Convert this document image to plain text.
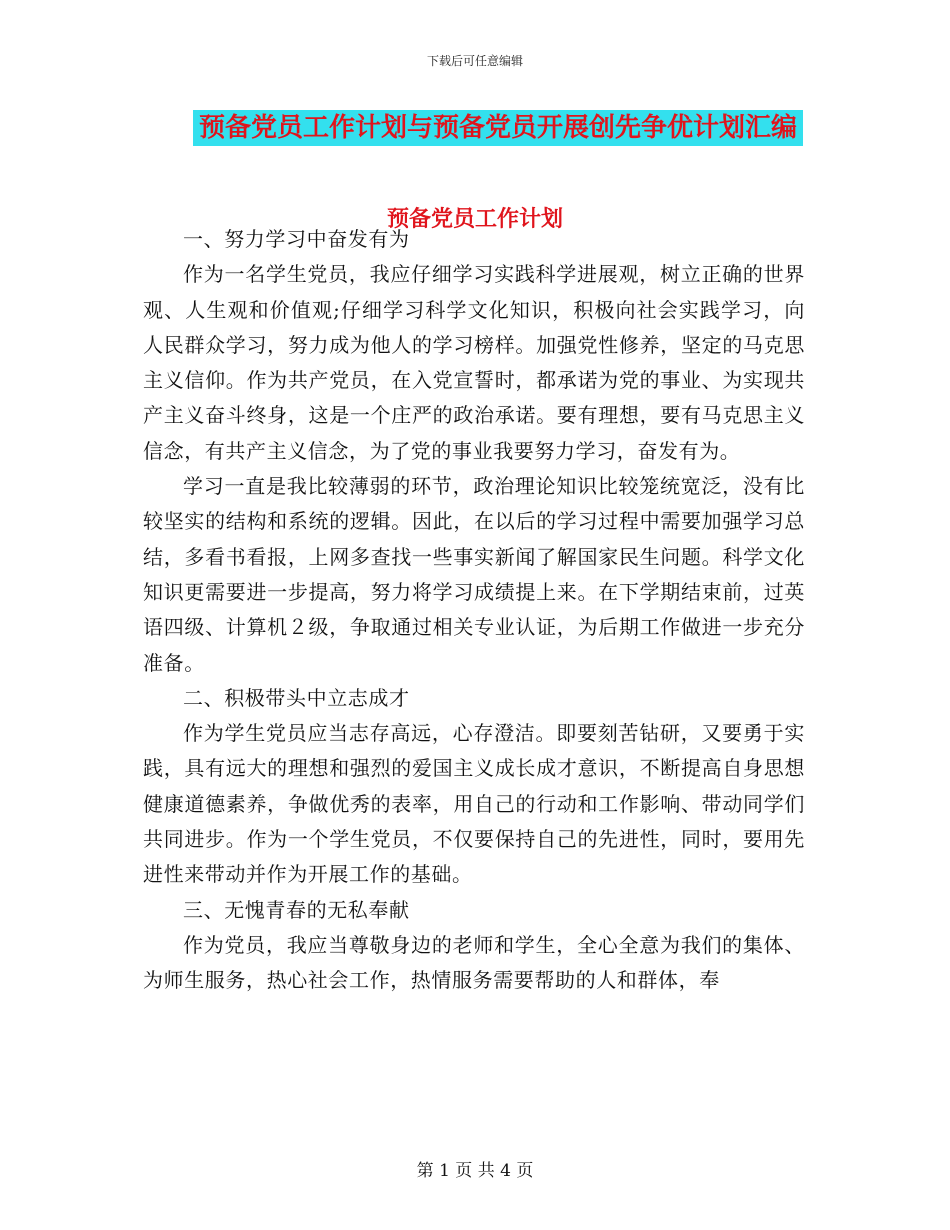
下载后可任意编辑
预备党员工作计划与预备党员开展创先争优计划汇编
预备党员工作计划

一、努力学习中奋发有为

作为一名学生党员，我应仔细学习实践科学进展观，树立正确的世界观、人生观和价值观;仔细学习科学文化知识，积极向社会实践学习，向人民群众学习，努力成为他人的学习榜样。加强党性修养，坚定的马克思主义信仰。作为共产党员，在入党宣誓时，都承诺为党的事业、为实现共产主义奋斗终身，这是一个庄严的政治承诺。要有理想，要有马克思主义信念，有共产主义信念，为了党的事业我要努力学习，奋发有为。

学习一直是我比较薄弱的环节，政治理论知识比较笼统宽泛，没有比较坚实的结构和系统的逻辑。因此，在以后的学习过程中需要加强学习总结，多看书看报，上网多查找一些事实新闻了解国家民生问题。科学文化知识更需要进一步提高，努力将学习成绩提上来。在下学期结束前，过英语四级、计算机２级，争取通过相关专业认证，为后期工作做进一步充分准备。

二、积极带头中立志成才

作为学生党员应当志存高远，心存澄洁。即要刻苦钻研，又要勇于实践，具有远大的理想和强烈的爱国主义成长成才意识，不断提高自身思想健康道德素养，争做优秀的表率，用自己的行动和工作影响、带动同学们共同进步。作为一个学生党员，不仅要保持自己的先进性，同时，要用先进性来带动并作为开展工作的基础。

三、无愧青春的无私奉献

作为党员，我应当尊敬身边的老师和学生，全心全意为我们的集体、为师生服务，热心社会工作，热情服务需要帮助的人和群体，奉

第 1 页 共 4 页
